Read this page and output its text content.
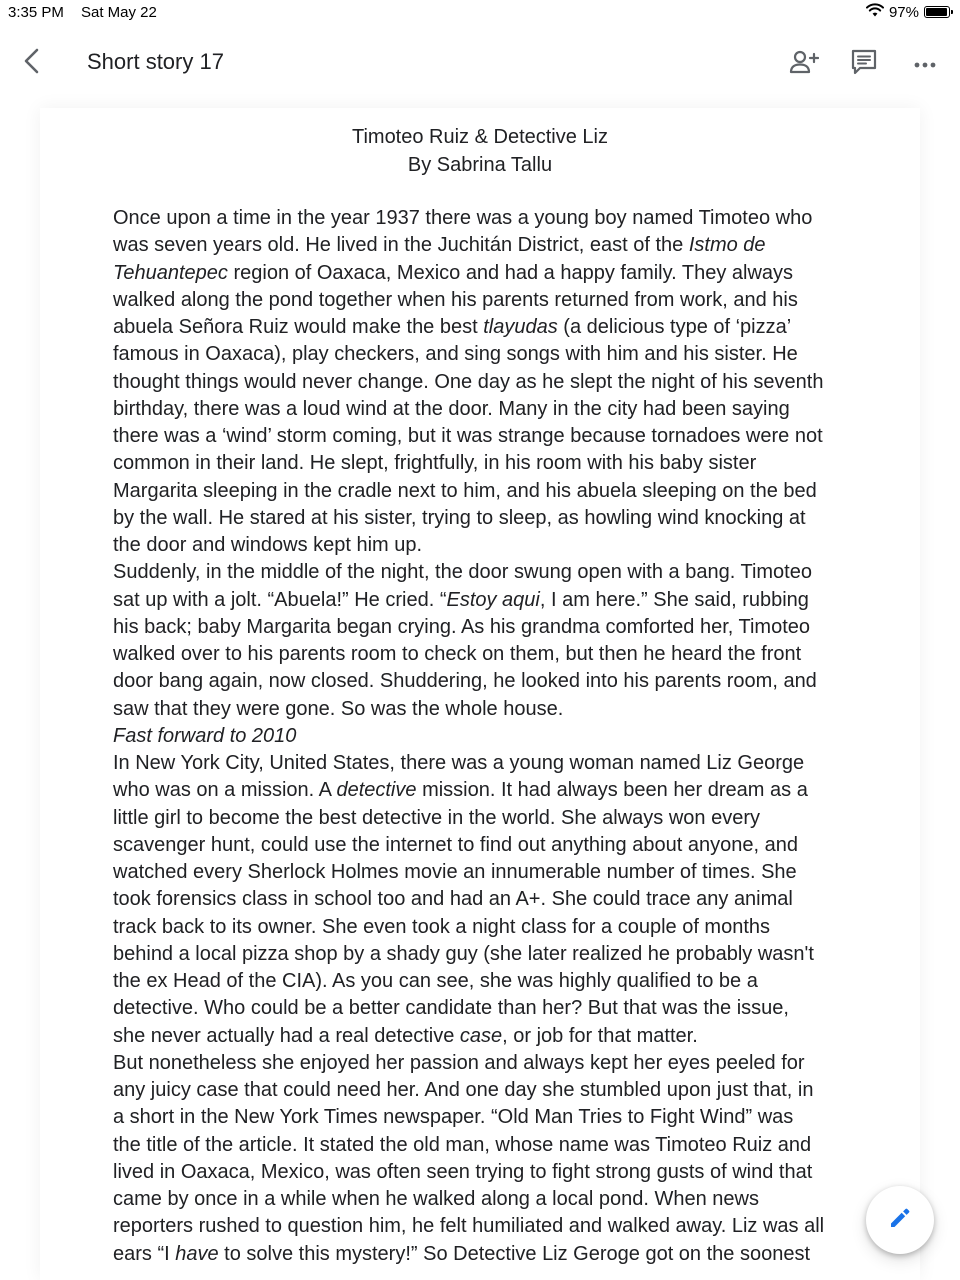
3:35 PM Sat May 22	97%
Short story 17
Timoteo Ruiz & Detective Liz
By Sabrina Tallu
Once upon a time in the year 1937 there was a young boy named Timoteo who
was seven years old. He lived in the Juchitán District, east of the Istmo de
Tehuantepec region of Oaxaca, Mexico and had a happy family. They always
walked along the pond together when his parents returned from work, and his
abuela Señora Ruiz would make the best tlayudas (a delicious type of ‘pizza’
famous in Oaxaca), play checkers, and sing songs with him and his sister. He
thought things would never change. One day as he slept the night of his seventh
birthday, there was a loud wind at the door. Many in the city had been saying
there was a ‘wind’ storm coming, but it was strange because tornadoes were not
common in their land. He slept, frightfully, in his room with his baby sister
Margarita sleeping in the cradle next to him, and his abuela sleeping on the bed
by the wall. He stared at his sister, trying to sleep, as howling wind knocking at
the door and windows kept him up.
Suddenly, in the middle of the night, the door swung open with a bang. Timoteo
sat up with a jolt. “Abuela!” He cried. “Estoy aqui, I am here.” She said, rubbing
his back; baby Margarita began crying. As his grandma comforted her, Timoteo
walked over to his parents room to check on them, but then he heard the front
door bang again, now closed. Shuddering, he looked into his parents room, and
saw that they were gone. So was the whole house.
Fast forward to 2010
In New York City, United States, there was a young woman named Liz George
who was on a mission. A detective mission. It had always been her dream as a
little girl to become the best detective in the world. She always won every
scavenger hunt, could use the internet to find out anything about anyone, and
watched every Sherlock Holmes movie an innumerable number of times. She
took forensics class in school too and had an A+. She could trace any animal
track back to its owner. She even took a night class for a couple of months
behind a local pizza shop by a shady guy (she later realized he probably wasn't
the ex Head of the CIA). As you can see, she was highly qualified to be a
detective. Who could be a better candidate than her? But that was the issue,
she never actually had a real detective case, or job for that matter.
But nonetheless she enjoyed her passion and always kept her eyes peeled for
any juicy case that could need her. And one day she stumbled upon just that, in
a short in the New York Times newspaper. “Old Man Tries to Fight Wind” was
the title of the article. It stated the old man, whose name was Timoteo Ruiz and
lived in Oaxaca, Mexico, was often seen trying to fight strong gusts of wind that
came by once in a while when he walked along a local pond. When news
reporters rushed to question him, he felt humiliated and walked away. Liz was all
ears “I have to solve this mystery!” So Detective Liz Geroge got on the soonest
